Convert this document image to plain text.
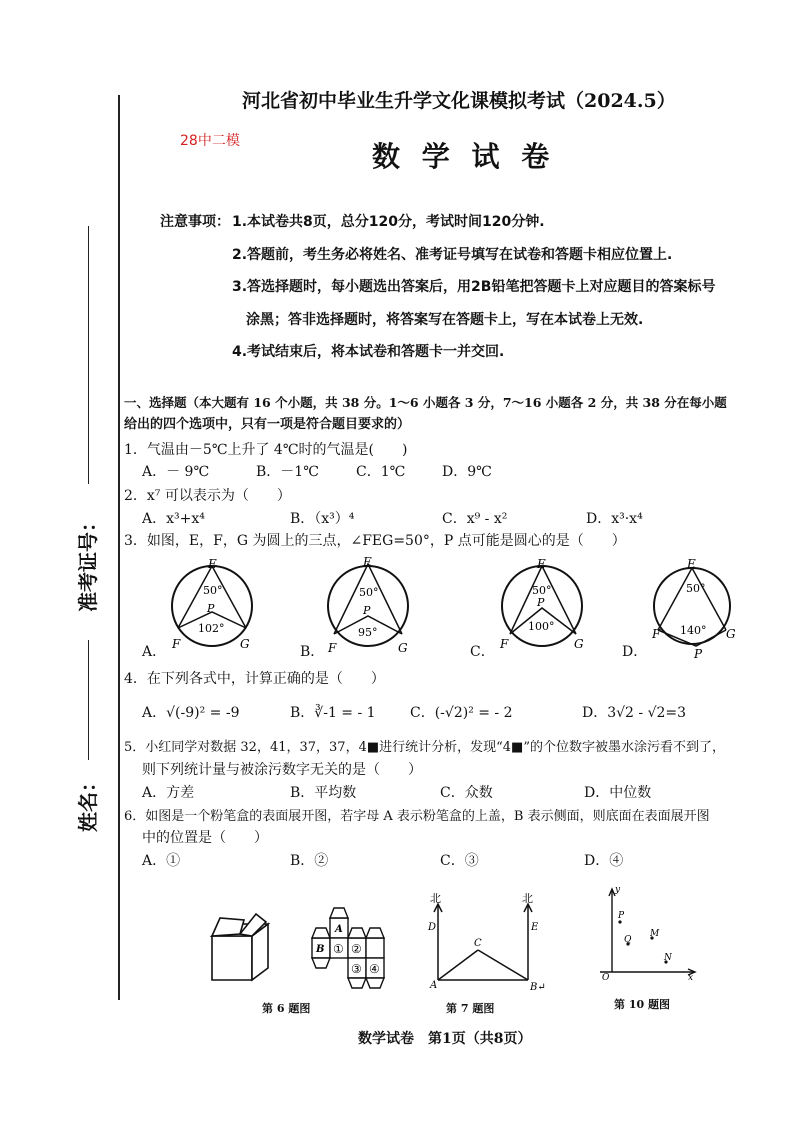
准考证号：
姓名：
河北省初中毕业生升学文化课模拟考试（2024.5）
28中二模	数 学 试 卷
注意事项： 1.本试卷共8页，总分120分，考试时间120分钟.
2.答题前，考生务必将姓名、准考证号填写在试卷和答题卡相应位置上.
3.答选择题时，每小题选出答案后，用2B铅笔把答题卡上对应题目的答案标号
涂黑；答非选择题时，将答案写在答题卡上，写在本试卷上无效.
4.考试结束后，将本试卷和答题卡一并交回.
一、选择题（本大题有 16 个小题，共 38 分。1～6 小题各 3 分，7～16 小题各 2 分，共 38 分在每小题
给出的四个选项中，只有一项是符合题目要求的）
1．气温由－5℃上升了 4℃时的气温是(　　)
A．－ 9℃	B．－1℃	C．1℃	D．9℃
2．x⁷ 可以表示为（　　）
A．x³+x⁴	B．（x³）⁴	C．x⁹ - x²	D．x³·x⁴
3．如图，E，F，G 为圆上的三点，∠FEG=50°，P 点可能是圆心的是（　　）
E
50°
P
102°
F	G
E
50°
P
95°
F	G
E
50°
P
100°
F	G
E
50°
140°
F	G
P
A．	B．	C．	D．
4．在下列各式中，计算正确的是（　　）
A．√(-9)² = -9	B．∛-1 = - 1 C．(-√2)² = - 2	D．3√2 - √2=3
5．小红同学对数据 32，41，37，37，4■进行统计分析，发现“4■”的个位数字被墨水涂污看不到了，
则下列统计量与被涂污数字无关的是（　　）
A．方差	B．平均数	C．众数	D．中位数
6．如图是一个粉笔盒的表面展开图，若字母 A 表示粉笔盒的上盖，B 表示侧面，则底面在表面展开图
中的位置是（　　）
A．①	B．②	C．③	D．④
A
B ① ②
③ ④
北	北
D	E
C
A	B↵
y
x
O
P
Q
M
N
第 6 题图	第 7 题图	第 10 题图
数学试卷　第1页（共8页）
